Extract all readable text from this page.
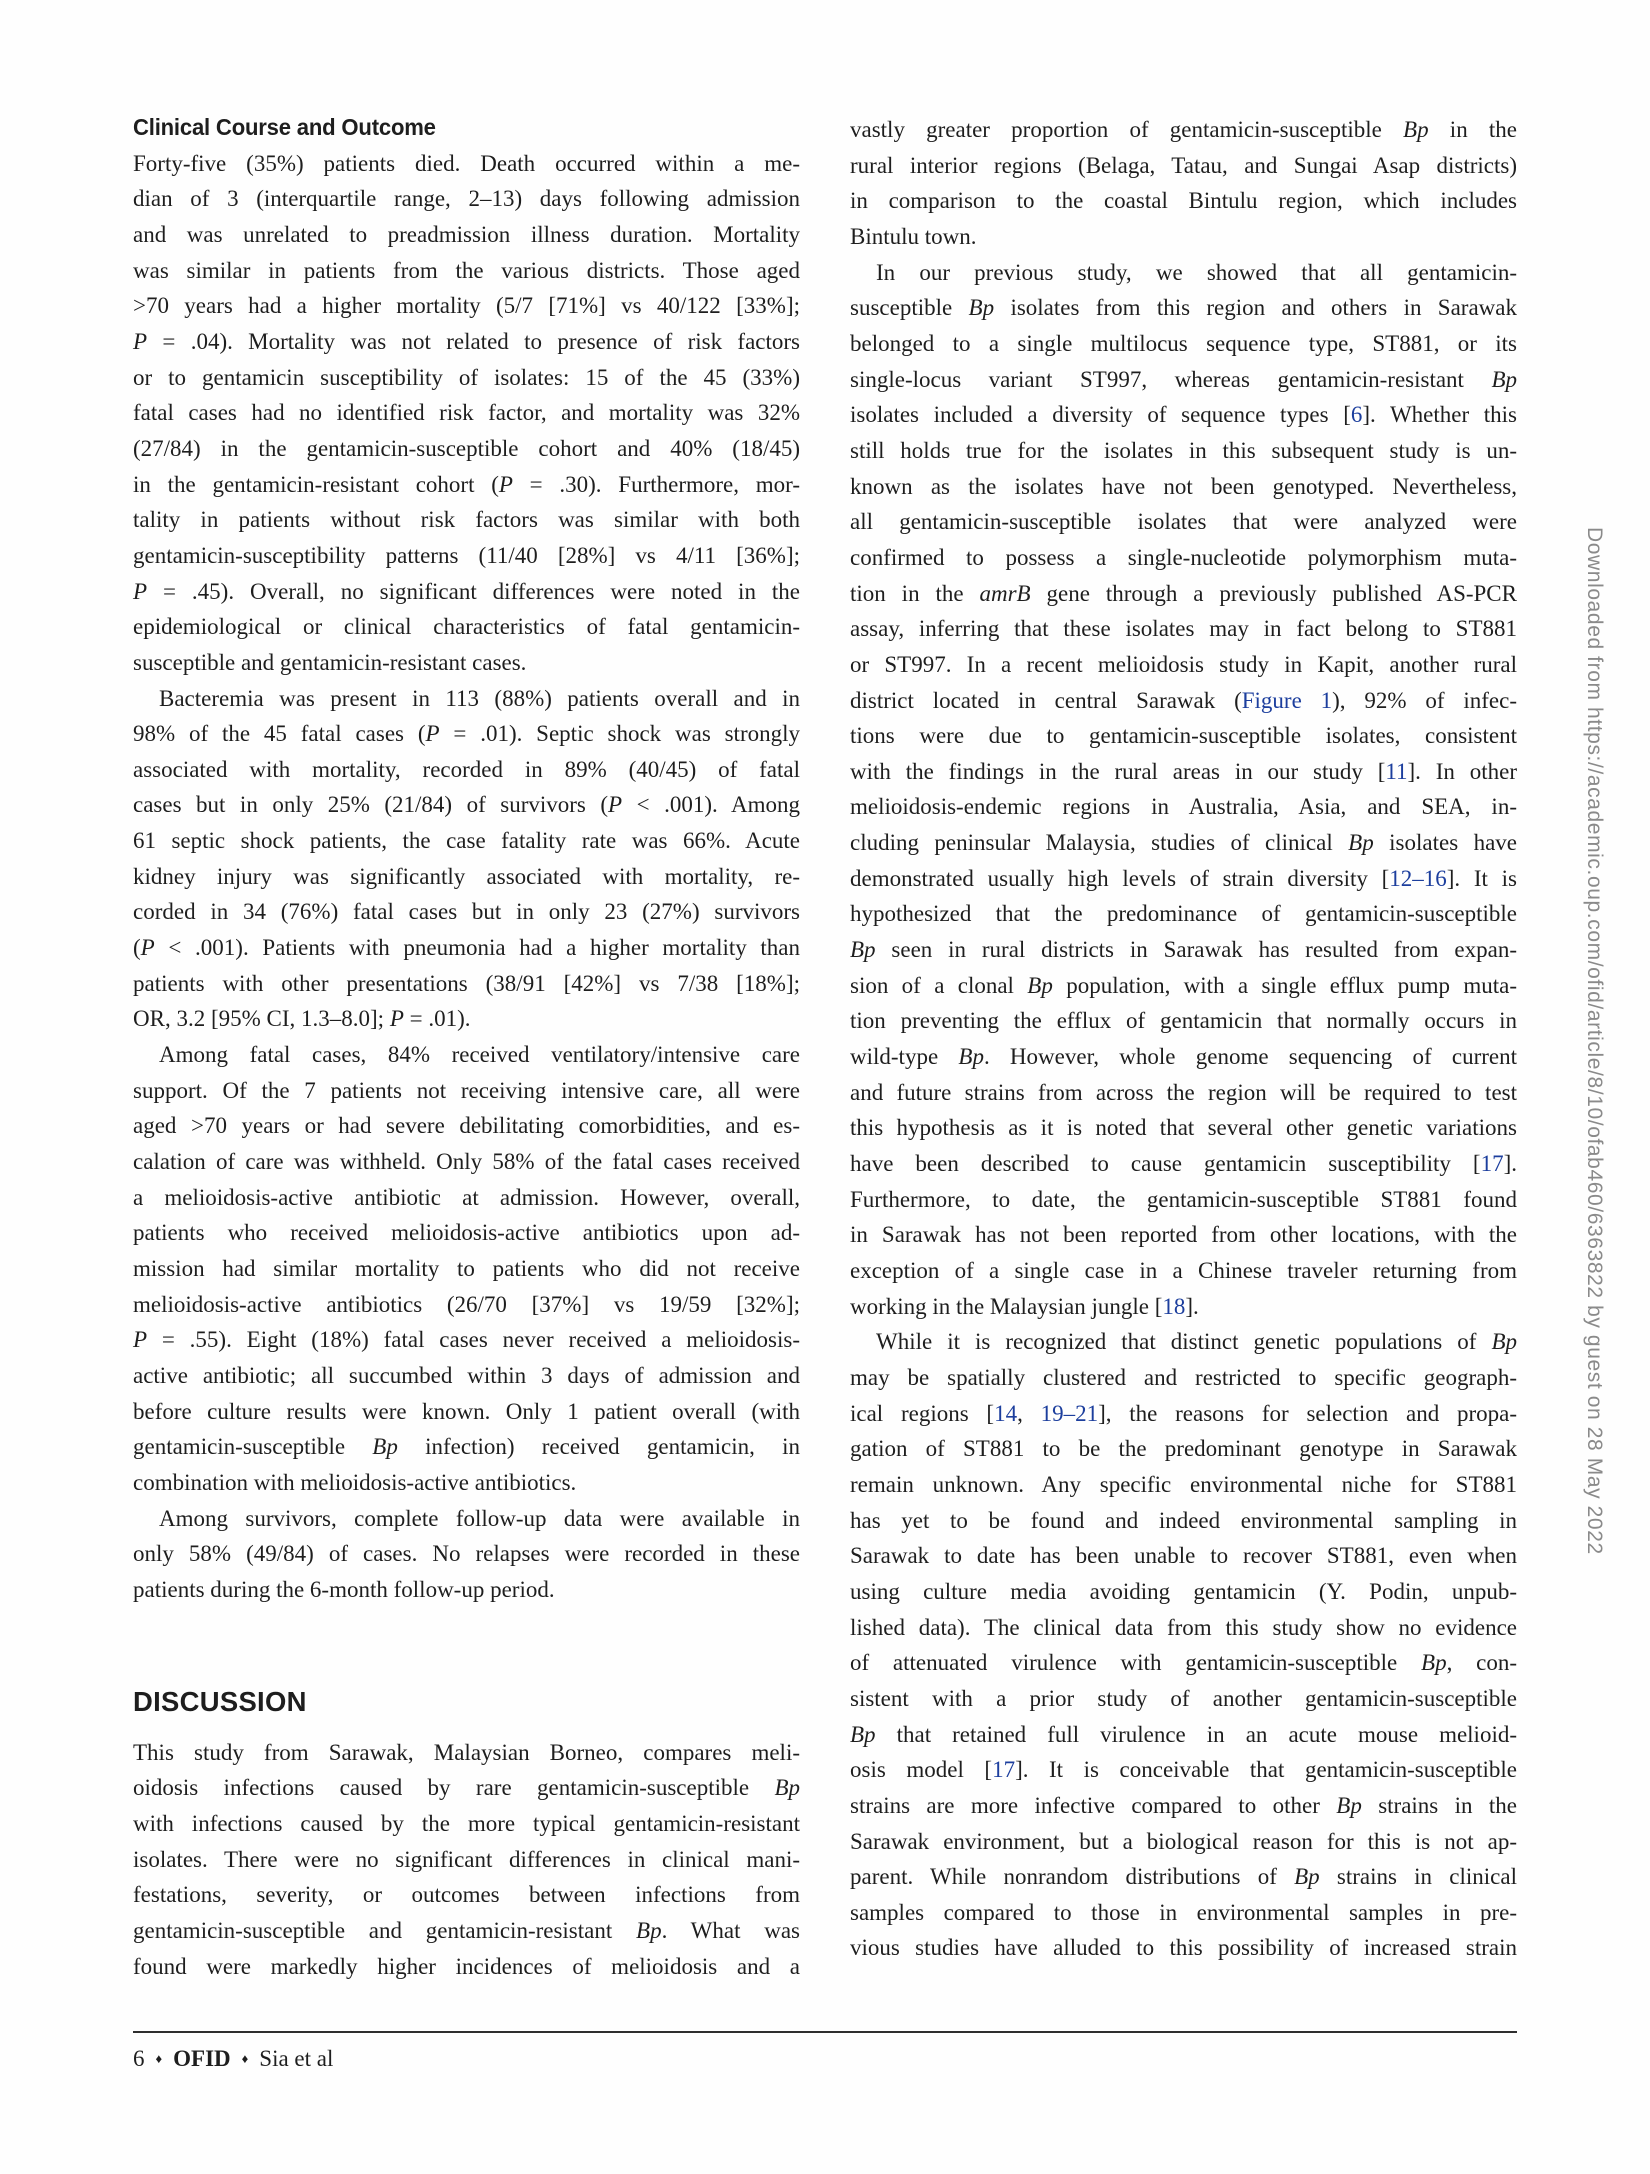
Clinical Course and Outcome
Forty-five (35%) patients died. Death occurred within a me-
dian of 3 (interquartile range, 2–13) days following admission
and was unrelated to preadmission illness duration. Mortality
was similar in patients from the various districts. Those aged
>70 years had a higher mortality (5/7 [71%] vs 40/122 [33%];
P = .04). Mortality was not related to presence of risk factors
or to gentamicin susceptibility of isolates: 15 of the 45 (33%)
fatal cases had no identified risk factor, and mortality was 32%
(27/84) in the gentamicin-susceptible cohort and 40% (18/45)
in the gentamicin-resistant cohort (P = .30). Furthermore, mor-
tality in patients without risk factors was similar with both
gentamicin-susceptibility patterns (11/40 [28%] vs 4/11 [36%];
P = .45). Overall, no significant differences were noted in the
epidemiological or clinical characteristics of fatal gentamicin-
susceptible and gentamicin-resistant cases.
Bacteremia was present in 113 (88%) patients overall and in
98% of the 45 fatal cases (P = .01). Septic shock was strongly
associated with mortality, recorded in 89% (40/45) of fatal
cases but in only 25% (21/84) of survivors (P < .001). Among
61 septic shock patients, the case fatality rate was 66%. Acute
kidney injury was significantly associated with mortality, re-
corded in 34 (76%) fatal cases but in only 23 (27%) survivors
(P < .001). Patients with pneumonia had a higher mortality than
patients with other presentations (38/91 [42%] vs 7/38 [18%];
OR, 3.2 [95% CI, 1.3–8.0]; P = .01).
Among fatal cases, 84% received ventilatory/intensive care
support. Of the 7 patients not receiving intensive care, all were
aged >70 years or had severe debilitating comorbidities, and es-
calation of care was withheld. Only 58% of the fatal cases received
a melioidosis-active antibiotic at admission. However, overall,
patients who received melioidosis-active antibiotics upon ad-
mission had similar mortality to patients who did not receive
melioidosis-active antibiotics (26/70 [37%] vs 19/59 [32%];
P = .55). Eight (18%) fatal cases never received a melioidosis-
active antibiotic; all succumbed within 3 days of admission and
before culture results were known. Only 1 patient overall (with
gentamicin-susceptible Bp infection) received gentamicin, in
combination with melioidosis-active antibiotics.
Among survivors, complete follow-up data were available in
only 58% (49/84) of cases. No relapses were recorded in these
patients during the 6-month follow-up period.
DISCUSSION
This study from Sarawak, Malaysian Borneo, compares meli-
oidosis infections caused by rare gentamicin-susceptible Bp
with infections caused by the more typical gentamicin-resistant
isolates. There were no significant differences in clinical mani-
festations, severity, or outcomes between infections from
gentamicin-susceptible and gentamicin-resistant Bp. What was
found were markedly higher incidences of melioidosis and a
vastly greater proportion of gentamicin-susceptible Bp in the
rural interior regions (Belaga, Tatau, and Sungai Asap districts)
in comparison to the coastal Bintulu region, which includes
Bintulu town.
In our previous study, we showed that all gentamicin-
susceptible Bp isolates from this region and others in Sarawak
belonged to a single multilocus sequence type, ST881, or its
single-locus variant ST997, whereas gentamicin-resistant Bp
isolates included a diversity of sequence types [6]. Whether this
still holds true for the isolates in this subsequent study is un-
known as the isolates have not been genotyped. Nevertheless,
all gentamicin-susceptible isolates that were analyzed were
confirmed to possess a single-nucleotide polymorphism muta-
tion in the amrB gene through a previously published AS-PCR
assay, inferring that these isolates may in fact belong to ST881
or ST997. In a recent melioidosis study in Kapit, another rural
district located in central Sarawak (Figure 1), 92% of infec-
tions were due to gentamicin-susceptible isolates, consistent
with the findings in the rural areas in our study [11]. In other
melioidosis-endemic regions in Australia, Asia, and SEA, in-
cluding peninsular Malaysia, studies of clinical Bp isolates have
demonstrated usually high levels of strain diversity [12–16]. It is
hypothesized that the predominance of gentamicin-susceptible
Bp seen in rural districts in Sarawak has resulted from expan-
sion of a clonal Bp population, with a single efflux pump muta-
tion preventing the efflux of gentamicin that normally occurs in
wild-type Bp. However, whole genome sequencing of current
and future strains from across the region will be required to test
this hypothesis as it is noted that several other genetic variations
have been described to cause gentamicin susceptibility [17].
Furthermore, to date, the gentamicin-susceptible ST881 found
in Sarawak has not been reported from other locations, with the
exception of a single case in a Chinese traveler returning from
working in the Malaysian jungle [18].
While it is recognized that distinct genetic populations of Bp
may be spatially clustered and restricted to specific geograph-
ical regions [14, 19–21], the reasons for selection and propa-
gation of ST881 to be the predominant genotype in Sarawak
remain unknown. Any specific environmental niche for ST881
has yet to be found and indeed environmental sampling in
Sarawak to date has been unable to recover ST881, even when
using culture media avoiding gentamicin (Y. Podin, unpub-
lished data). The clinical data from this study show no evidence
of attenuated virulence with gentamicin-susceptible Bp, con-
sistent with a prior study of another gentamicin-susceptible
Bp that retained full virulence in an acute mouse melioid-
osis model [17]. It is conceivable that gentamicin-susceptible
strains are more infective compared to other Bp strains in the
Sarawak environment, but a biological reason for this is not ap-
parent. While nonrandom distributions of Bp strains in clinical
samples compared to those in environmental samples in pre-
vious studies have alluded to this possibility of increased strain
6 ♦ OFID ♦ Sia et al
Downloaded from https://academic.oup.com/ofid/article/8/10/ofab460/6363822 by guest on 28 May 2022
